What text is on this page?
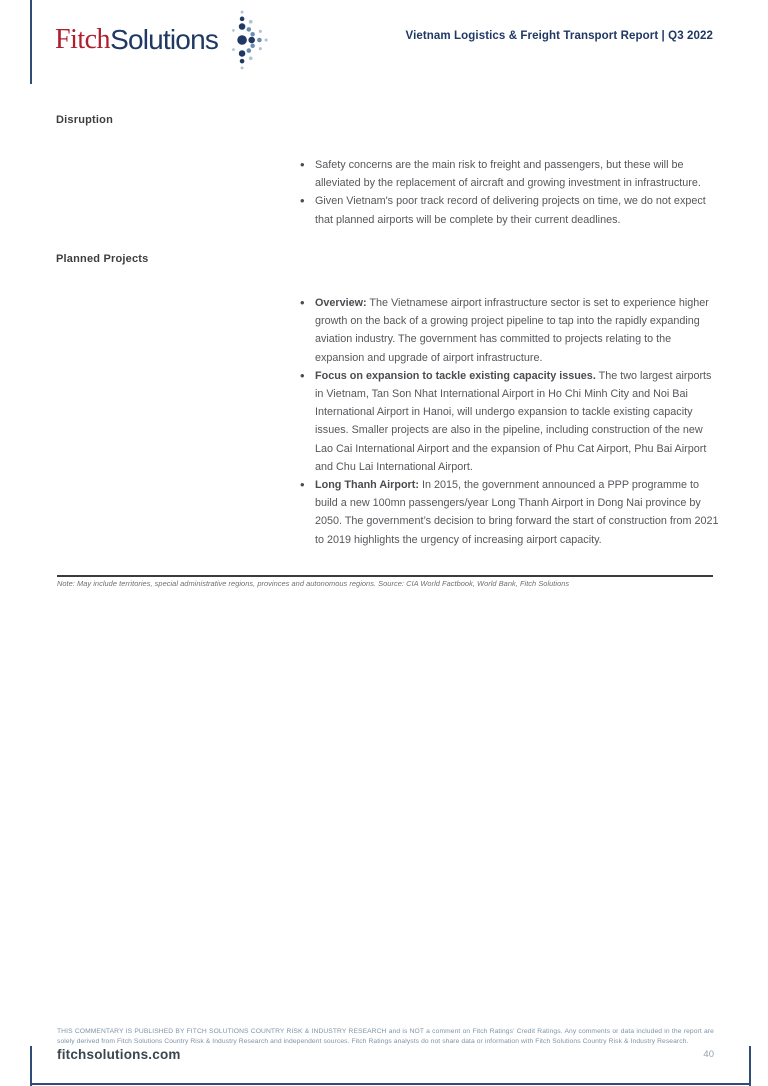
Fitch Solutions	Vietnam Logistics & Freight Transport Report | Q3 2022
Disruption
• Safety concerns are the main risk to freight and passengers, but these will be alleviated by the replacement of aircraft and growing investment in infrastructure.
• Given Vietnam's poor track record of delivering projects on time, we do not expect that planned airports will be complete by their current deadlines.
Planned Projects
• Overview: The Vietnamese airport infrastructure sector is set to experience higher growth on the back of a growing project pipeline to tap into the rapidly expanding aviation industry. The government has committed to projects relating to the expansion and upgrade of airport infrastructure.
• Focus on expansion to tackle existing capacity issues. The two largest airports in Vietnam, Tan Son Nhat International Airport in Ho Chi Minh City and Noi Bai International Airport in Hanoi, will undergo expansion to tackle existing capacity issues. Smaller projects are also in the pipeline, including construction of the new Lao Cai International Airport and the expansion of Phu Cat Airport, Phu Bai Airport and Chu Lai International Airport.
• Long Thanh Airport: In 2015, the government announced a PPP programme to build a new 100mn passengers/year Long Thanh Airport in Dong Nai province by 2050. The government’s decision to bring forward the start of construction from 2021 to 2019 highlights the urgency of increasing airport capacity.
Note: May include territories, special administrative regions, provinces and autonomous regions. Source: CIA World Factbook, World Bank, Fitch Solutions

THIS COMMENTARY IS PUBLISHED BY FITCH SOLUTIONS COUNTRY RISK & INDUSTRY RESEARCH and is NOT a comment on Fitch Ratings’ Credit Ratings. Any comments or data included in the report are solely derived from Fitch Solutions Country Risk & Industry Research and independent sources. Fitch Ratings analysts do not share data or information with Fitch Solutions Country Risk & Industry Research.

fitchsolutions.com	40
